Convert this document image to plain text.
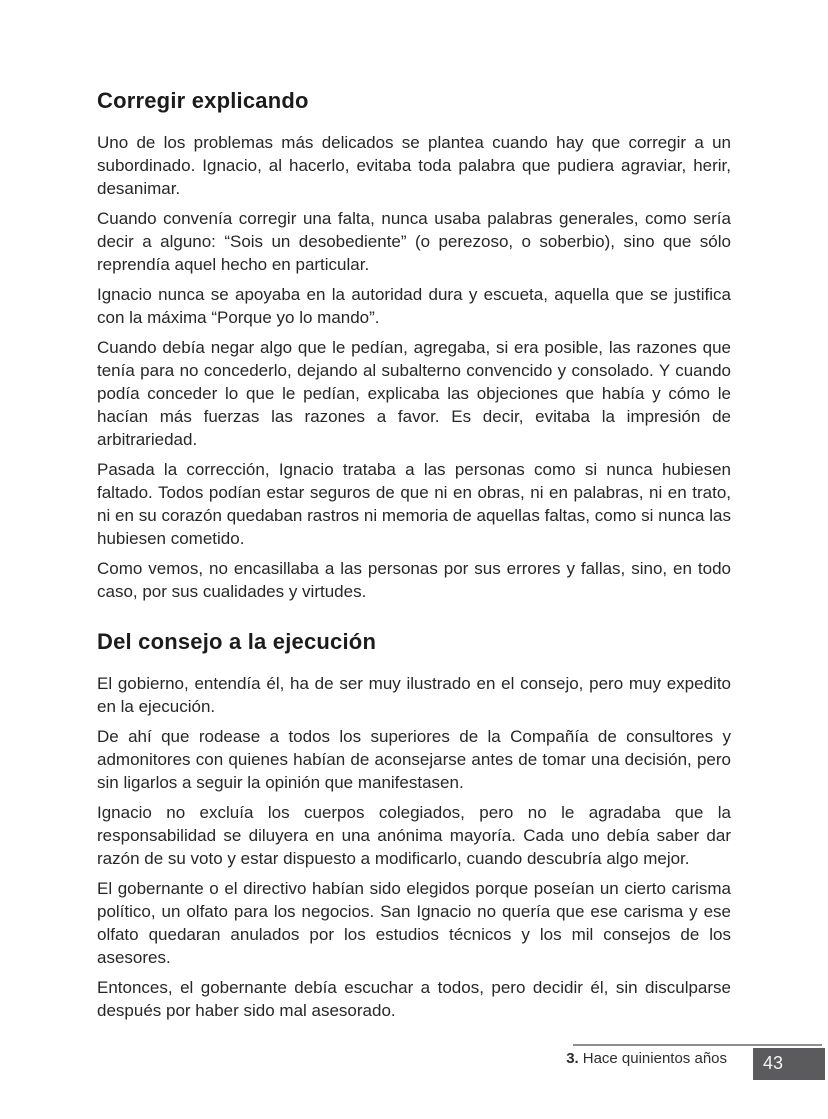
Corregir explicando

Uno de los problemas más delicados se plantea cuando hay que corregir a un subordinado. Ignacio, al hacerlo, evitaba toda palabra que pudiera agraviar, herir, desanimar.

Cuando convenía corregir una falta, nunca usaba palabras generales, como sería decir a alguno: “Sois un desobediente” (o perezoso, o soberbio), sino que sólo reprendía aquel hecho en particular.

Ignacio nunca se apoyaba en la autoridad dura y escueta, aquella que se justifica con la máxima “Porque yo lo mando”.

Cuando debía negar algo que le pedían, agregaba, si era posible, las razones que tenía para no concederlo, dejando al subalterno convencido y consolado. Y cuando podía conceder lo que le pedían, explicaba las objeciones que había y cómo le hacían más fuerzas las razones a favor. Es decir, evitaba la impresión de arbitrariedad.

Pasada la corrección, Ignacio trataba a las personas como si nunca hubiesen faltado. Todos podían estar seguros de que ni en obras, ni en palabras, ni en trato, ni en su corazón quedaban rastros ni memoria de aquellas faltas, como si nunca las hubiesen cometido.

Como vemos, no encasillaba a las personas por sus errores y fallas, sino, en todo caso, por sus cualidades y virtudes.

Del consejo a la ejecución

El gobierno, entendía él, ha de ser muy ilustrado en el consejo, pero muy expedito en la ejecución.

De ahí que rodease a todos los superiores de la Compañía de consultores y admonitores con quienes habían de aconsejarse antes de tomar una decisión, pero sin ligarlos a seguir la opinión que manifestasen.

Ignacio no excluía los cuerpos colegiados, pero no le agradaba que la responsabilidad se diluyera en una anónima mayoría. Cada uno debía saber dar razón de su voto y estar dispuesto a modificarlo, cuando descubría algo mejor.

El gobernante o el directivo habían sido elegidos porque poseían un cierto carisma político, un olfato para los negocios. San Ignacio no quería que ese carisma y ese olfato quedaran anulados por los estudios técnicos y los mil consejos de los asesores.

Entonces, el gobernante debía escuchar a todos, pero decidir él, sin disculparse después por haber sido mal asesorado.

3. Hace quinientos años	43
